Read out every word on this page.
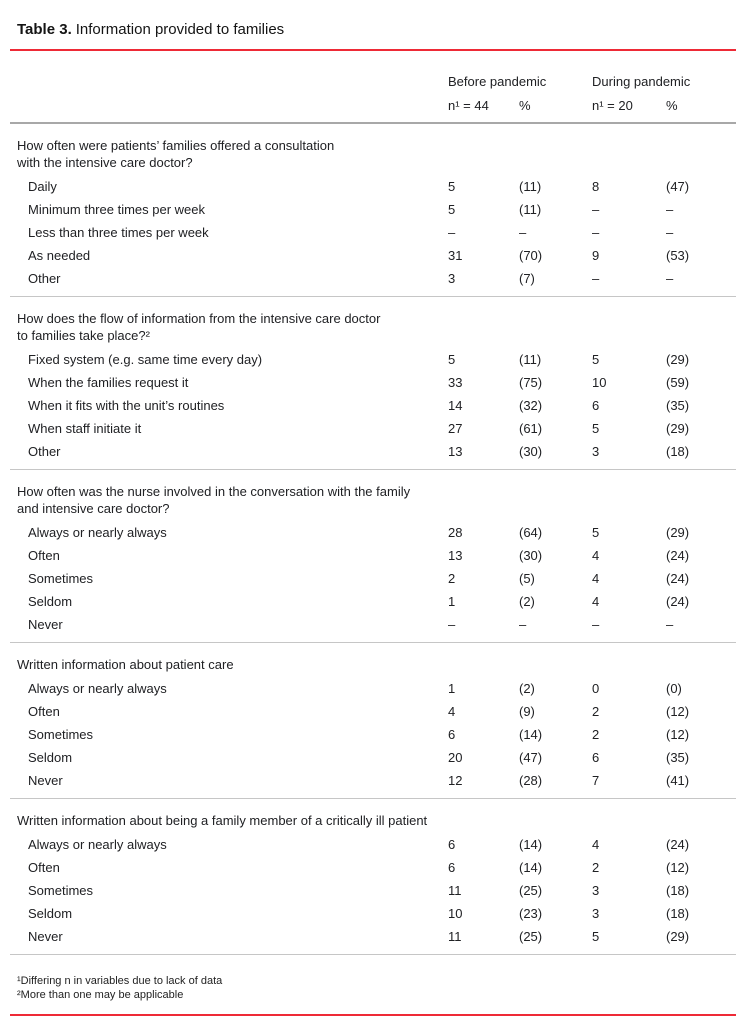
Table 3. Information provided to families
Before pandemic	During pandemic
n¹ = 44	%	n¹ = 20	%
How often were patients’ families offered a consultation
with the intensive care doctor?
Daily	5	(11)	8	(47)
Minimum three times per week	5	(11)	–	–
Less than three times per week	–	–	–	–
As needed	31	(70)	9	(53)
Other	3	(7)	–	–
How does the flow of information from the intensive care doctor
to families take place?²
Fixed system (e.g. same time every day)	5	(11)	5	(29)
When the families request it	33	(75)	10	(59)
When it fits with the unit’s routines	14	(32)	6	(35)
When staff initiate it	27	(61)	5	(29)
Other	13	(30)	3	(18)
How often was the nurse involved in the conversation with the family
and intensive care doctor?
Always or nearly always	28	(64)	5	(29)
Often	13	(30)	4	(24)
Sometimes	2	(5)	4	(24)
Seldom	1	(2)	4	(24)
Never	–	–	–	–
Written information about patient care
Always or nearly always	1	(2)	0	(0)
Often	4	(9)	2	(12)
Sometimes	6	(14)	2	(12)
Seldom	20	(47)	6	(35)
Never	12	(28)	7	(41)
Written information about being a family member of a critically ill patient
Always or nearly always	6	(14)	4	(24)
Often	6	(14)	2	(12)
Sometimes	11	(25)	3	(18)
Seldom	10	(23)	3	(18)
Never	11	(25)	5	(29)
¹Differing n in variables due to lack of data
²More than one may be applicable
